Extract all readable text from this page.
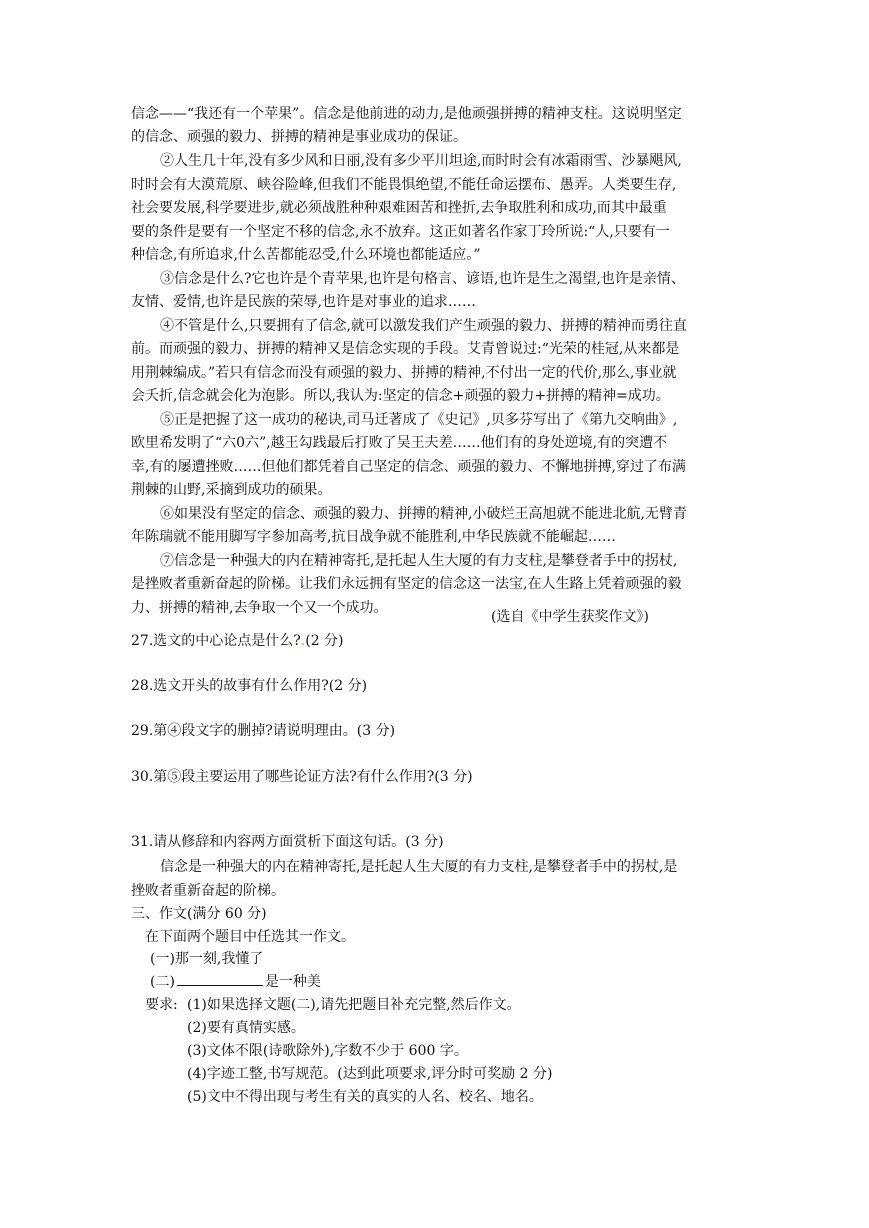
信念——“我还有一个苹果”。信念是他前进的动力,是他顽强拼搏的精神支柱。这说明坚定
的信念、顽强的毅力、拼搏的精神是事业成功的保证。
②人生几十年,没有多少风和日丽,没有多少平川坦途,而时时会有冰霜雨雪、沙暴飓风,
时时会有大漠荒原、峡谷险峰,但我们不能畏惧绝望,不能任命运摆布、愚弄。人类要生存,
社会要发展,科学要进步,就必须战胜种种艰难困苦和挫折,去争取胜利和成功,而其中最重
要的条件是要有一个坚定不移的信念,永不放弃。这正如著名作家丁玲所说:“人,只要有一
种信念,有所追求,什么苦都能忍受,什么环境也都能适应。”
③信念是什么?它也许是个青苹果,也许是句格言、谚语,也许是生之渴望,也许是亲情、
友情、爱情,也许是民族的荣辱,也许是对事业的追求……
④不管是什么,只要拥有了信念,就可以激发我们产生顽强的毅力、拼搏的精神而勇往直
前。而顽强的毅力、拼搏的精神又是信念实现的手段。艾青曾说过:“光荣的桂冠,从来都是
用荆棘编成。”若只有信念而没有顽强的毅力、拼搏的精神,不付出一定的代价,那么,事业就
会夭折,信念就会化为泡影。所以,我认为:坚定的信念+顽强的毅力+拼搏的精神=成功。
⑤正是把握了这一成功的秘诀,司马迁著成了《史记》,贝多芬写出了《第九交响曲》,
欧里希发明了“六0六”,越王勾践最后打败了吴王夫差……他们有的身处逆境,有的突遭不
幸,有的屡遭挫败……但他们都凭着自己坚定的信念、顽强的毅力、不懈地拼搏,穿过了布满
荆棘的山野,采摘到成功的硕果。
⑥如果没有坚定的信念、顽强的毅力、拼搏的精神,小破烂王高旭就不能进北航,无臂青
年陈瑞就不能用脚写字参加高考,抗日战争就不能胜利,中华民族就不能崛起……
⑦信念是一种强大的内在精神寄托,是托起人生大厦的有力支柱,是攀登者手中的拐杖,
是挫败者重新奋起的阶梯。让我们永远拥有坚定的信念这一法宝,在人生路上凭着顽强的毅
力、拼搏的精神,去争取一个又一个成功。
(选自《中学生获奖作文》)
27.选文的中心论点是什么?.(2 分)
28.选文开头的故事有什么作用?(2 分)
29.第④段文字的删掉?请说明理由。(3 分)
30.第⑤段主要运用了哪些论证方法?有什么作用?(3 分)
31.请从修辞和内容两方面赏析下面这句话。(3 分)
信念是一种强大的内在精神寄托,是托起人生大厦的有力支柱,是攀登者手中的拐杖,是
挫败者重新奋起的阶梯。
三、作文(满分 60 分)
在下面两个题目中任选其一作文。
(一)那一刻,我懂了
(二)	是一种美
要求: (1)如果选择文题(二),请先把题目补充完整,然后作文。
(2)要有真情实感。
(3)文体不限(诗歌除外),字数不少于 600 字。
(4)字迹工整,书写规范。(达到此项要求,评分时可奖励 2 分)
(5)文中不得出现与考生有关的真实的人名、校名、地名。
